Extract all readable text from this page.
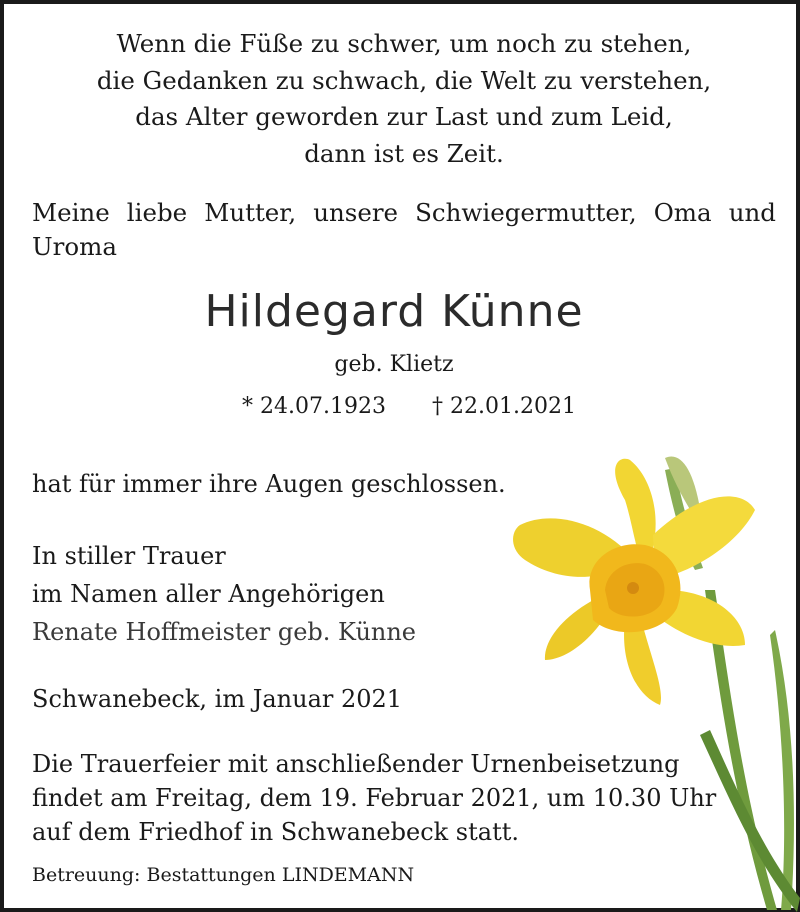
Wenn die Füße zu schwer, um noch zu stehen,
die Gedanken zu schwach, die Welt zu verstehen,
das Alter geworden zur Last und zum Leid,
dann ist es Zeit.
Meine liebe Mutter, unsere Schwiegermutter, Oma und Uroma
Hildegard Künne
geb. Klietz
* 24.07.1923 † 22.01.2021
hat für immer ihre Augen geschlossen.
In stiller Trauer
im Namen aller Angehörigen
Renate Hoffmeister geb. Künne
Schwanebeck, im Januar 2021
Die Trauerfeier mit anschließender Urnenbeisetzung
findet am Freitag, dem 19. Februar 2021, um 10.30 Uhr
auf dem Friedhof in Schwanebeck statt.
Betreuung: Bestattungen LINDEMANN
